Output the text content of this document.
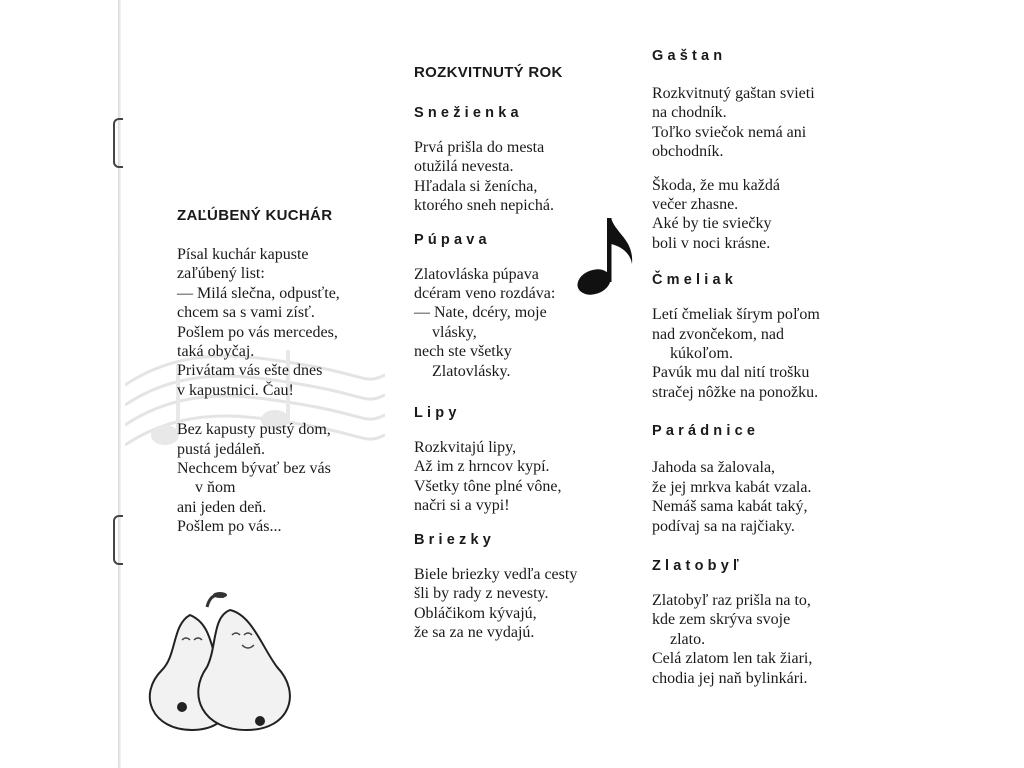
ZAĽÚBENÝ KUCHÁR
Písal kuchár kapuste
zaľúbený list:
— Milá slečna, odpusťte,
chcem sa s vami zísť.
Pošlem po vás mercedes,
taká obyčaj.
Privátam vás ešte dnes
v kapustnici. Čau!
Bez kapusty pustý dom,
pustá jedáleň.
Nechcem bývať bez vás
v ňom
ani jeden deň.
Pošlem po vás...
ROZKVITNUTÝ ROK
Snežienka
Prvá prišla do mesta
otužilá nevesta.
Hľadala si ženícha,
ktorého sneh nepichá.
Púpava
Zlatovláska púpava
dcéram veno rozdáva:
— Nate, dcéry, moje
vlásky,
nech ste všetky
Zlatovlásky.
Lipy
Rozkvitajú lipy,
Až im z hrncov kypí.
Všetky tône plné vône,
načri si a vypi!
Briezky
Biele briezky vedľa cesty
šli by rady z nevesty.
Obláčikom kývajú,
že sa za ne vydajú.
Gaštan
Rozkvitnutý gaštan svieti
na chodník.
Toľko sviečok nemá ani
obchodník.
Škoda, že mu každá
večer zhasne.
Aké by tie sviečky
boli v noci krásne.
Čmeliak
Letí čmeliak šírym poľom
nad zvončekom, nad
kúkoľom.
Pavúk mu dal nití trošku
stračej nôžke na ponožku.
Parádnice
Jahoda sa žalovala,
že jej mrkva kabát vzala.
Nemáš sama kabát taký,
podívaj sa na rajčiaky.
Zlatobyľ
Zlatobyľ raz prišla na to,
kde zem skrýva svoje
zlato.
Celá zlatom len tak žiari,
chodia jej naň bylinkári.
